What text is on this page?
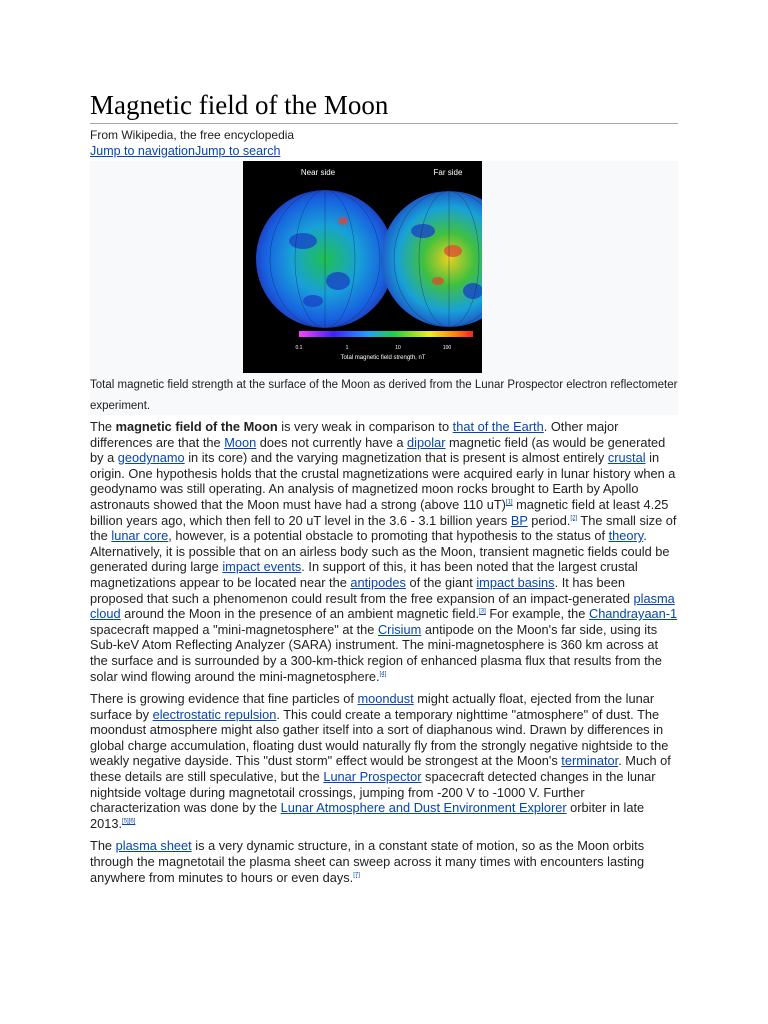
Magnetic field of the Moon
From Wikipedia, the free encyclopedia
Jump to navigationJump to search
Near side	Far side
0.1	1	10	100
Total magnetic field strength, nT
Total magnetic field strength at the surface of the Moon as derived from the Lunar Prospector electron reflectometer experiment.

The magnetic field of the Moon is very weak in comparison to that of the Earth. Other major differences are that the Moon does not currently have a dipolar magnetic field (as would be generated by a geodynamo in its core) and the varying magnetization that is present is almost entirely crustal in origin. One hypothesis holds that the crustal magnetizations were acquired early in lunar history when a geodynamo was still operating. An analysis of magnetized moon rocks brought to Earth by Apollo astronauts showed that the Moon must have had a strong (above 110 uT)[1] magnetic field at least 4.25 billion years ago, which then fell to 20 uT level in the 3.6 - 3.1 billion years BP period.[2] The small size of the lunar core, however, is a potential obstacle to promoting that hypothesis to the status of theory. Alternatively, it is possible that on an airless body such as the Moon, transient magnetic fields could be generated during large impact events. In support of this, it has been noted that the largest crustal magnetizations appear to be located near the antipodes of the giant impact basins. It has been proposed that such a phenomenon could result from the free expansion of an impact-generated plasma cloud around the Moon in the presence of an ambient magnetic field.[3] For example, the Chandrayaan-1 spacecraft mapped a "mini-magnetosphere" at the Crisium antipode on the Moon's far side, using its Sub-keV Atom Reflecting Analyzer (SARA) instrument. The mini-magnetosphere is 360 km across at the surface and is surrounded by a 300-km-thick region of enhanced plasma flux that results from the solar wind flowing around the mini-magnetosphere.[4]

There is growing evidence that fine particles of moondust might actually float, ejected from the lunar surface by electrostatic repulsion. This could create a temporary nighttime "atmosphere" of dust. The moondust atmosphere might also gather itself into a sort of diaphanous wind. Drawn by differences in global charge accumulation, floating dust would naturally fly from the strongly negative nightside to the weakly negative dayside. This "dust storm" effect would be strongest at the Moon's terminator. Much of these details are still speculative, but the Lunar Prospector spacecraft detected changes in the lunar nightside voltage during magnetotail crossings, jumping from -200 V to -1000 V. Further characterization was done by the Lunar Atmosphere and Dust Environment Explorer orbiter in late 2013.[5][6]

The plasma sheet is a very dynamic structure, in a constant state of motion, so as the Moon orbits through the magnetotail the plasma sheet can sweep across it many times with encounters lasting anywhere from minutes to hours or even days.[7]
